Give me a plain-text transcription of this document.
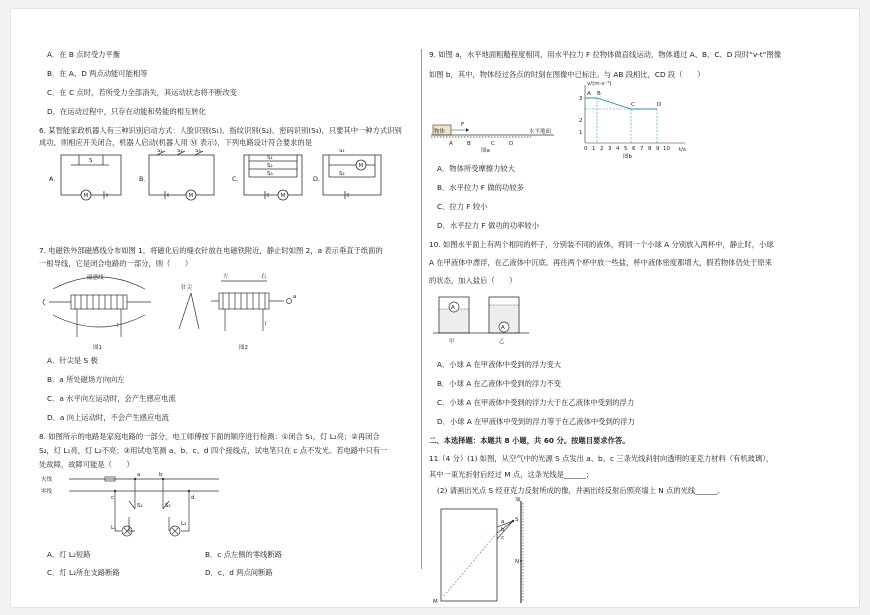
A．在 B 点时受力平衡
B．在 A、D 两点动能可能相等
C．在 C 点时，若所受力全部消失，其运动状态将不断改变
D．在运动过程中，只存在动能和势能的相互转化
6. 某智能家政机器人有三种识别启动方式：人脸识别(S₁)、指纹识别(S₂)、密码识别(S₃)，只要其中一种方式识别
成功，则相应开关闭合，机器人启动(机器人用 Ⓜ 表示)，下列电路设计符合要求的是
A．	B．	C．	D．
S
S₁	S₂ S₃
S₁
S₂
S₃
S₁
S₂
M	M	M
M
7. 电磁铁外部磁感线分布如图 1，将磁化后的缝衣针放在电磁铁附近，静止时如图 2，a 表示垂直于纸面的
一根导线，它是闭合电路的一部分，则（　　）
磁感线
I
针尖
左	右
a
I
图1	图2
A．针尖是 S 极
B．a 所处磁场方向向左
C．a 水平向左运动时，会产生感应电流
D．a 向上运动时，不会产生感应电流
8. 如图所示的电路是家庭电路的一部分，电工师傅按下面的顺序进行检测：①闭合 S₁，灯 L₁亮；②再闭合
S₂，灯 L₁亮，灯 L₂不亮；③用试电笔测 a、b、c、d 四个接线点，试电笔只在 c 点不发光。若电路中只有一
处故障，故障可能是（　　）
火线
零线
a	b
c	d
S₁	S₂
L₁
L₂
A．灯 L₂短路	B．c 点左侧的零线断路
C．灯 L₂所在支路断路	D．c、d 两点间断路
9. 如图 a，水平地面粗糙程度相同，用水平拉力 F 拉物体做直线运动，物体通过 A、B、C、D 段时“v-t”图像
如图 b，其中，物体经过各点的时刻在图像中已标注。与 AB 段相比，CD 段（　　）
物体
F
水平地面
A	B	C	D
图a
v/(m·s⁻¹)
t/s
1
2
3
0 1 2 3 4 5 6 7 8 9 10
A B
C	D
图b
A．物体所受摩擦力较大
B．水平拉力 F 做的功较多
C．拉力 F 较小
D．水平拉力 F 做功的功率较小
10. 如图水平面上有两个相同的杯子，分别装不同的液体，将同一个小球 A 分别放入两杯中，静止时，小球
A 在甲液体中漂浮，在乙液体中沉底。再往两个杯中放一些盐，杯中液体密度都增大，假若物体仍处于原来
的状态，加入盐后（　　）
A
A
甲	乙
A．小球 A 在甲液体中受到的浮力变大
B．小球 A 在乙液体中受到的浮力不变
C．小球 A 在甲液体中受到的浮力大于在乙液体中受到的浮力
D．小球 A 在甲液体中受到的浮力等于在乙液体中受到的浮力
二、本选择题：本题共 8 小题，共 60 分。按题目要求作答。
11（4 分）(1) 如图，从空气中的光源 S 点发出 a、b、c 三条光线斜射向透明的亚克力材料（有机玻璃），
其中一束光折射后经过 M 点，这条光线是______；
(2) 请画出光点 S 经亚克力反射所成的像，并画出经反射后照亮墙上 N 点的光线______。
墙
S
a
b
c
N
M
